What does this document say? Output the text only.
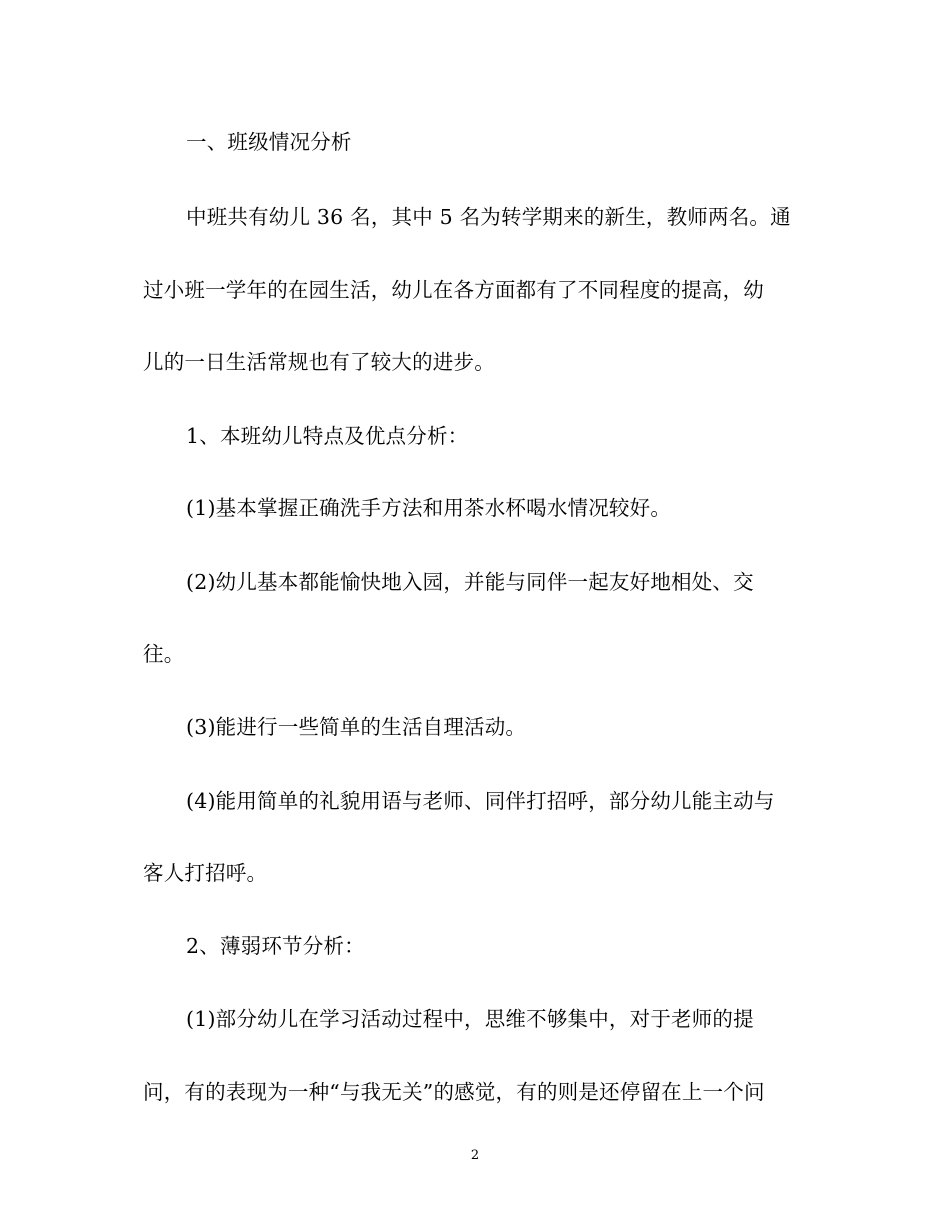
一、班级情况分析
中班共有幼儿 36 名，其中 5 名为转学期来的新生，教师两名。通
过小班一学年的在园生活，幼儿在各方面都有了不同程度的提高，幼
儿的一日生活常规也有了较大的进步。
1、本班幼儿特点及优点分析：
(1)基本掌握正确洗手方法和用茶水杯喝水情况较好。
(2)幼儿基本都能愉快地入园，并能与同伴一起友好地相处、交
往。
(3)能进行一些简单的生活自理活动。
(4)能用简单的礼貌用语与老师、同伴打招呼，部分幼儿能主动与
客人打招呼。
2、薄弱环节分析：
(1)部分幼儿在学习活动过程中，思维不够集中，对于老师的提
问，有的表现为一种“与我无关”的感觉，有的则是还停留在上一个问
2
